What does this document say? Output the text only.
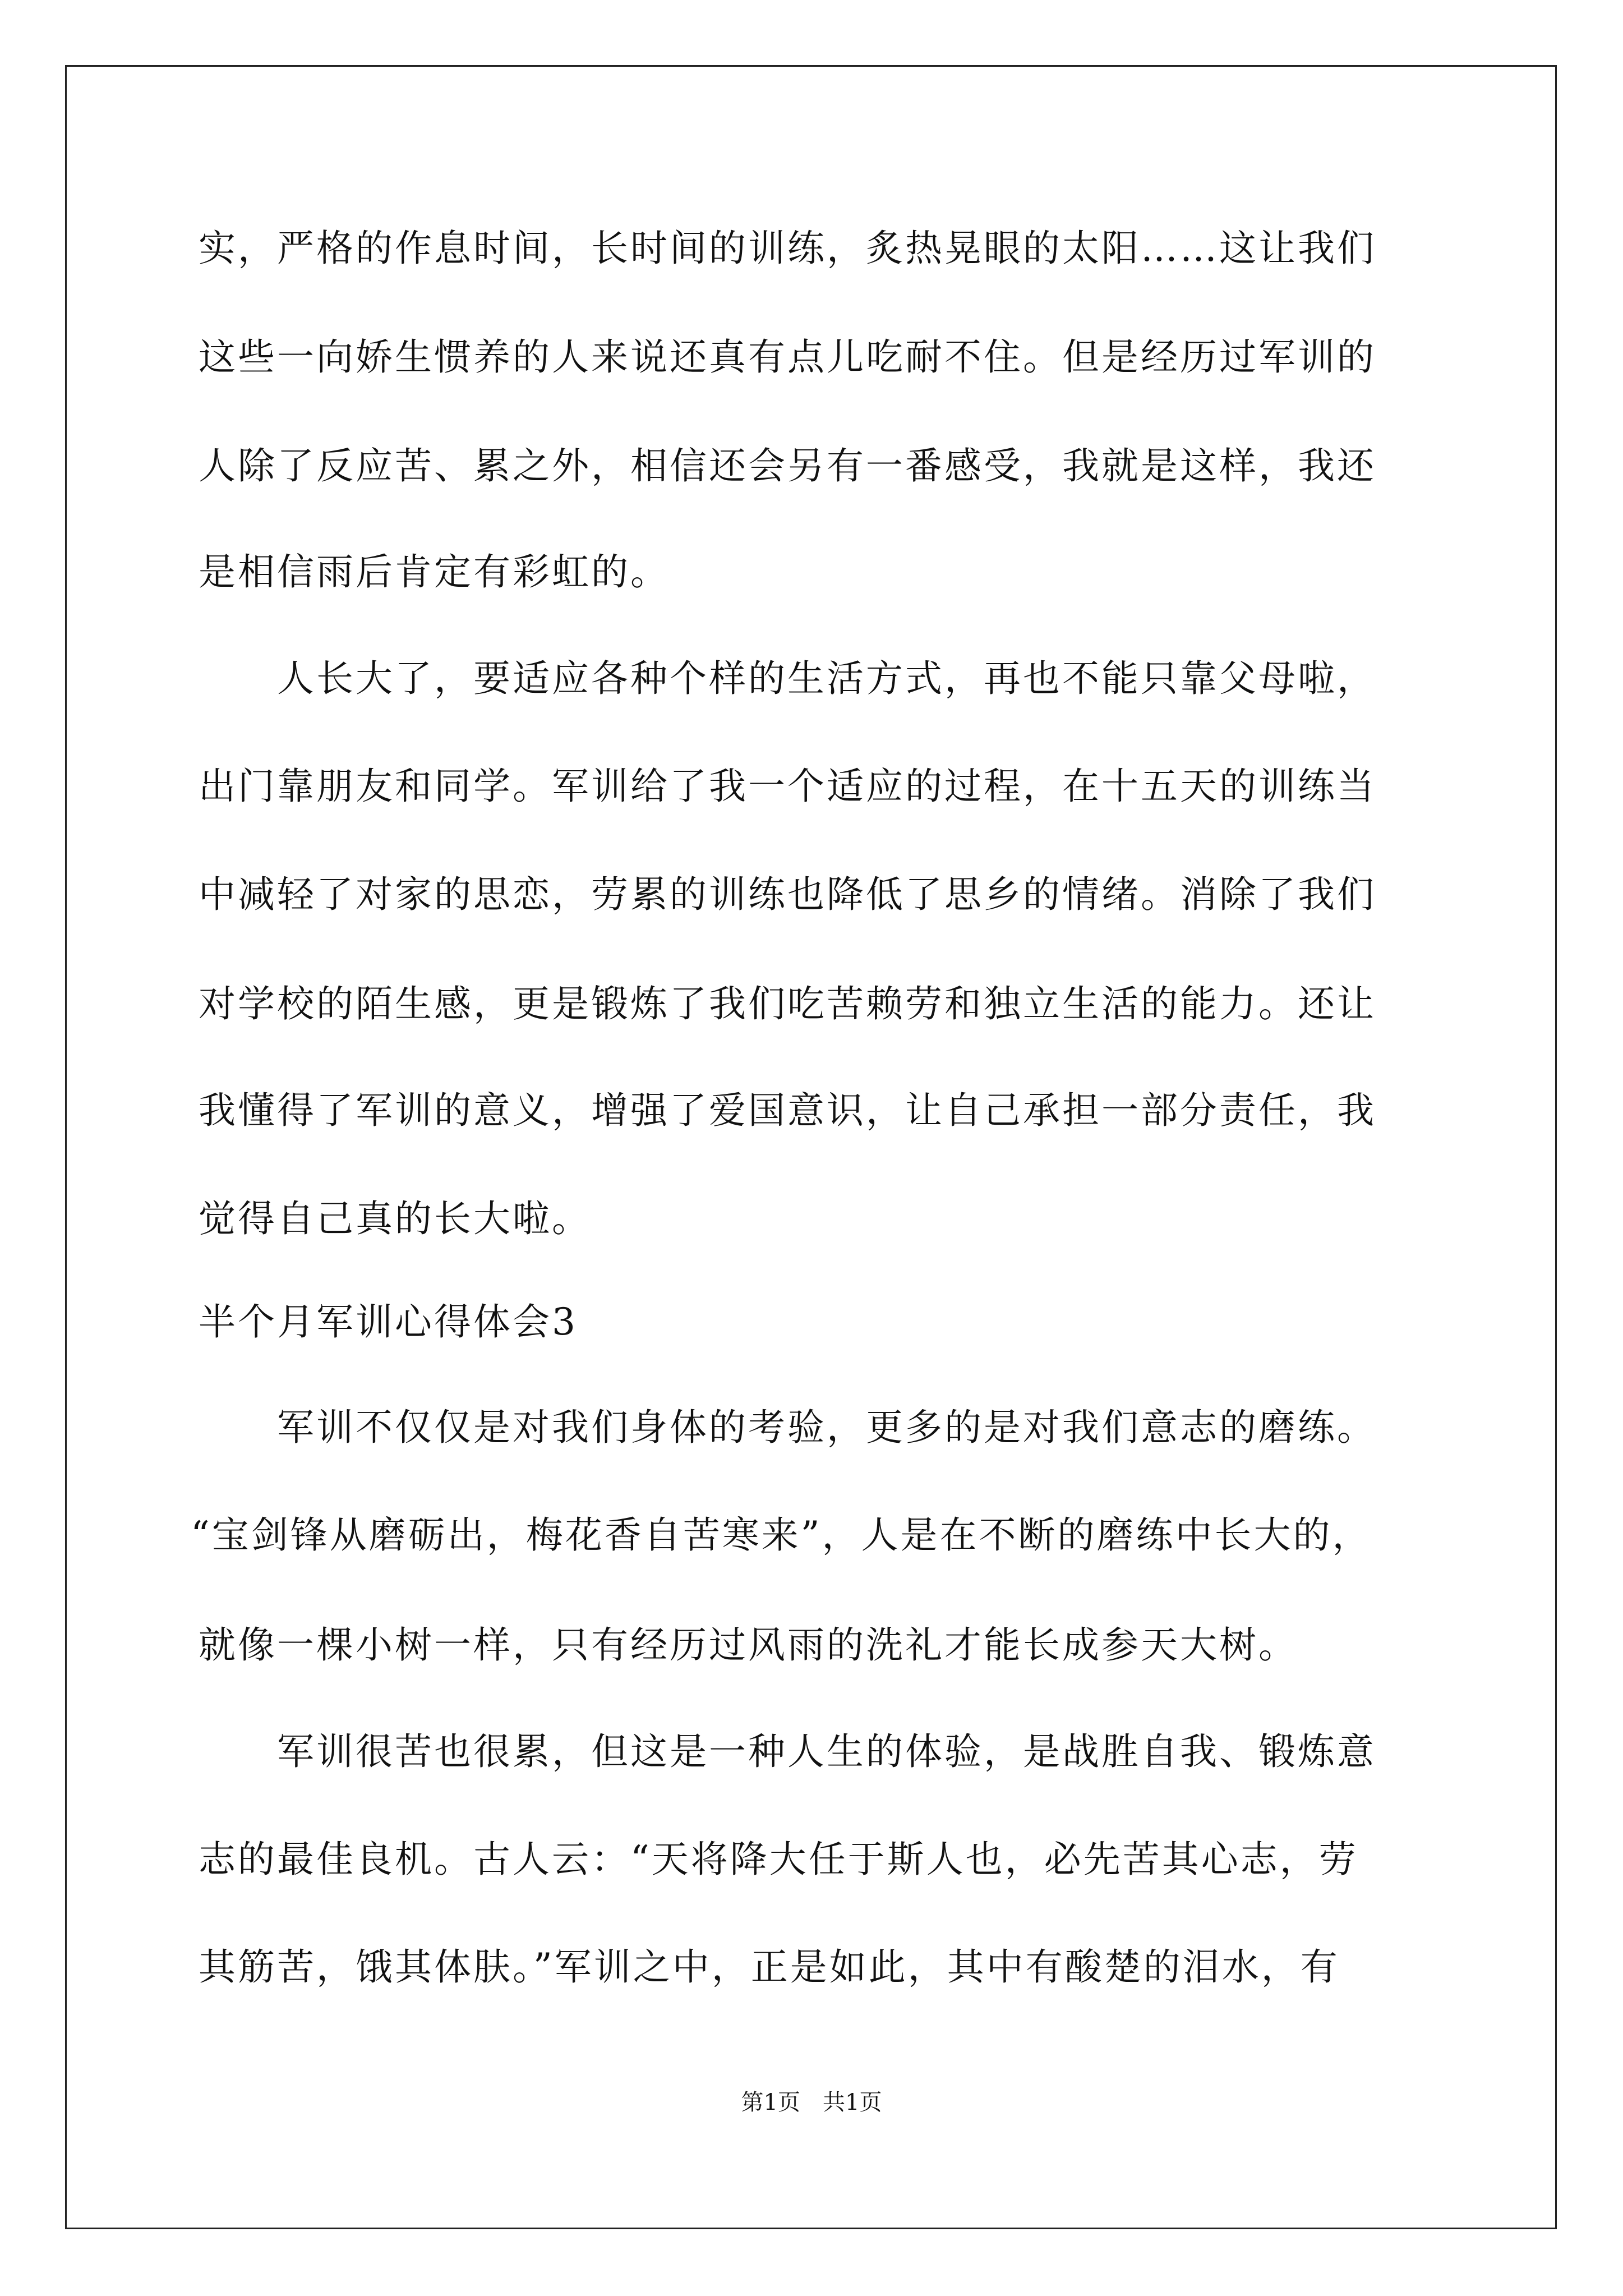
实，严格的作息时间，长时间的训练，炙热晃眼的太阳……这让我们
这些一向娇生惯养的人来说还真有点儿吃耐不住。但是经历过军训的
人除了反应苦、累之外，相信还会另有一番感受，我就是这样，我还
是相信雨后肯定有彩虹的。
　　人长大了，要适应各种个样的生活方式，再也不能只靠父母啦，
出门靠朋友和同学。军训给了我一个适应的过程，在十五天的训练当
中减轻了对家的思恋，劳累的训练也降低了思乡的情绪。消除了我们
对学校的陌生感，更是锻炼了我们吃苦赖劳和独立生活的能力。还让
我懂得了军训的意义，增强了爱国意识，让自己承担一部分责任，我
觉得自己真的长大啦。
半个月军训心得体会3
　　军训不仅仅是对我们身体的考验，更多的是对我们意志的磨练。
“宝剑锋从磨砺出，梅花香自苦寒来”，人是在不断的磨练中长大的，
就像一棵小树一样，只有经历过风雨的洗礼才能长成参天大树。
　　军训很苦也很累，但这是一种人生的体验，是战胜自我、锻炼意
志的最佳良机。古人云：“天将降大任于斯人也，必先苦其心志，劳
其筋苦，饿其体肤。”军训之中，正是如此，其中有酸楚的泪水，有
第1页　共1页
